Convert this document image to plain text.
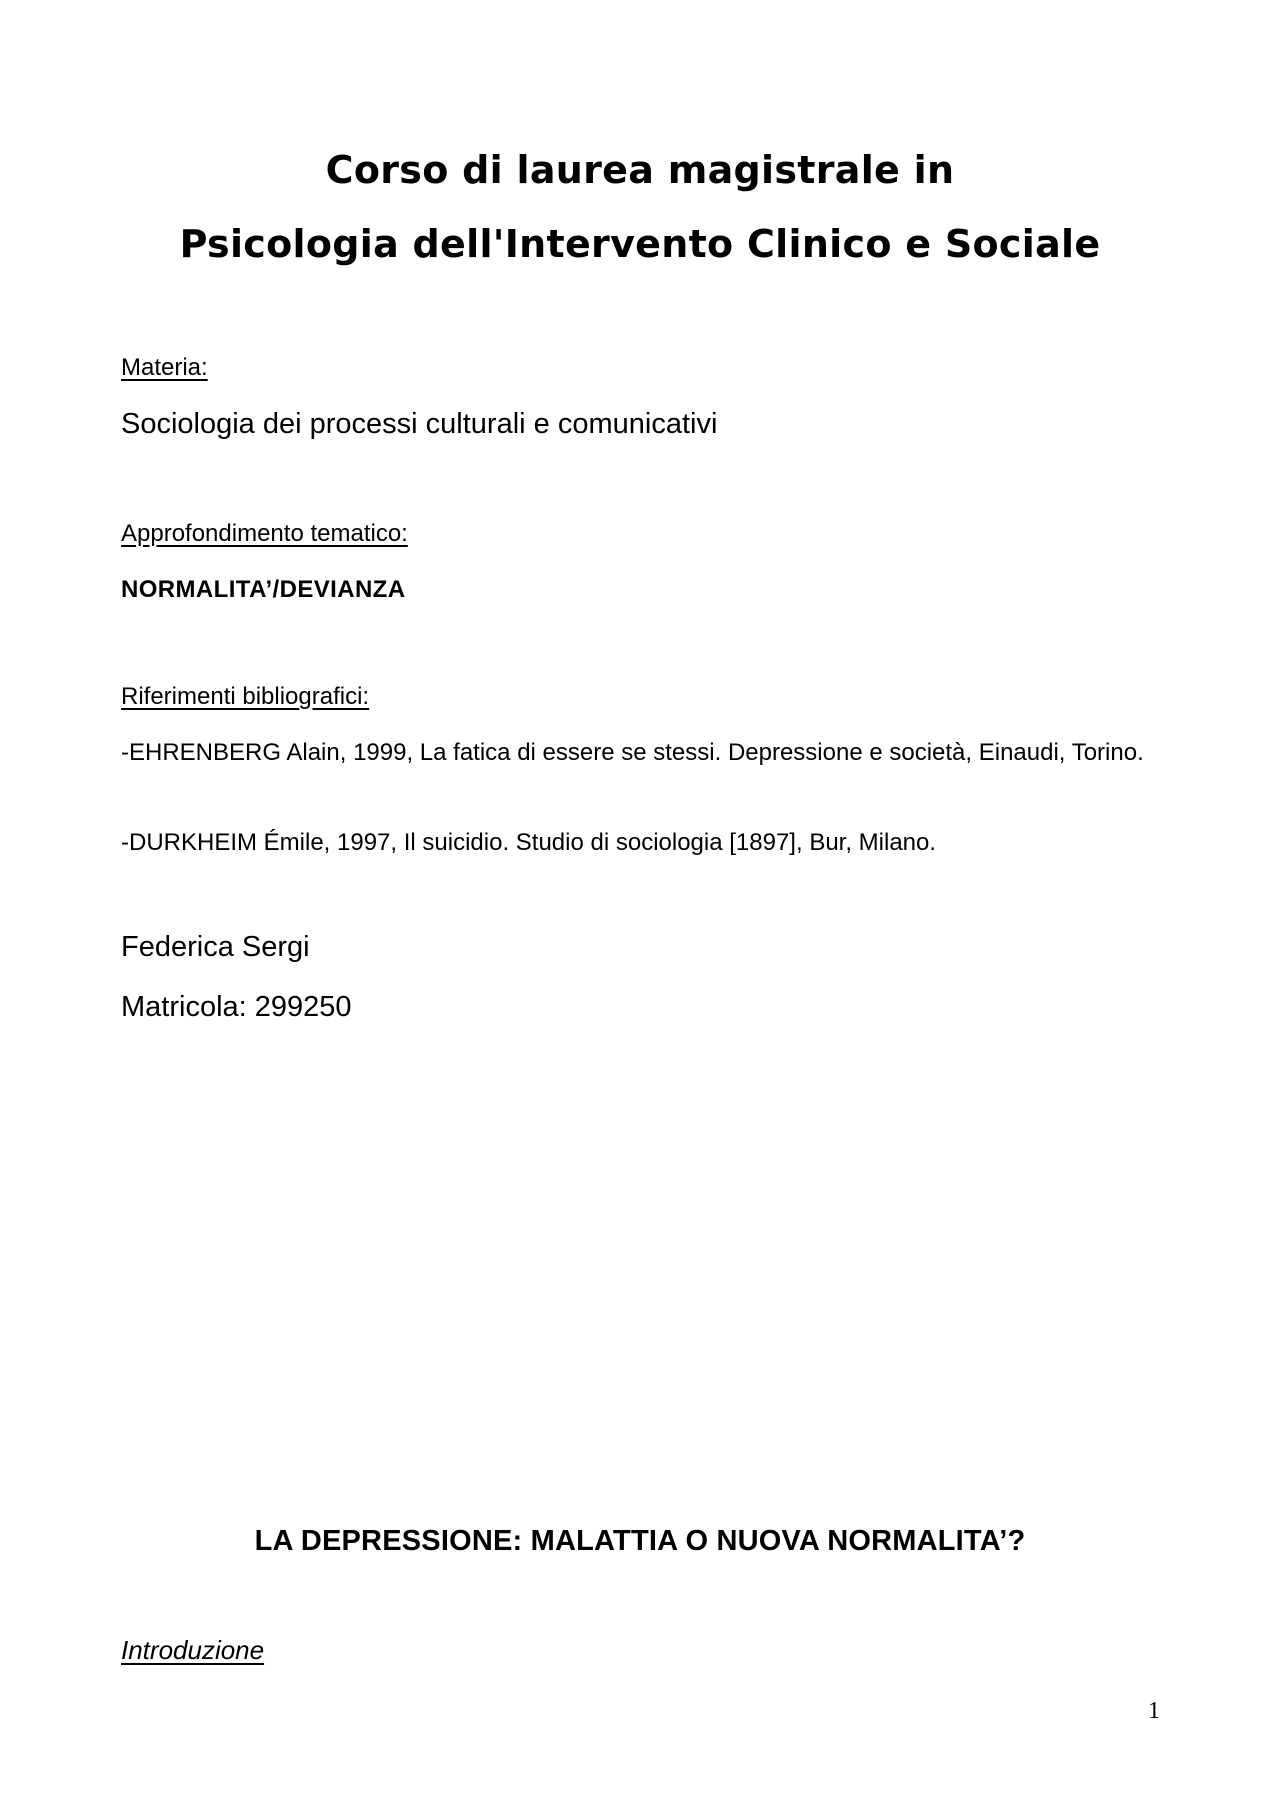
Corso di laurea magistrale in
Psicologia dell'Intervento Clinico e Sociale
Materia:
Sociologia dei processi culturali e comunicativi
Approfondimento tematico:
NORMALITA’/DEVIANZA
Riferimenti bibliografici:
-EHRENBERG Alain, 1999, La fatica di essere se stessi. Depressione e società, Einaudi, Torino.
-DURKHEIM Émile, 1997, Il suicidio. Studio di sociologia [1897], Bur, Milano.
Federica Sergi
Matricola: 299250
LA DEPRESSIONE: MALATTIA O NUOVA NORMALITA’?
Introduzione
1
